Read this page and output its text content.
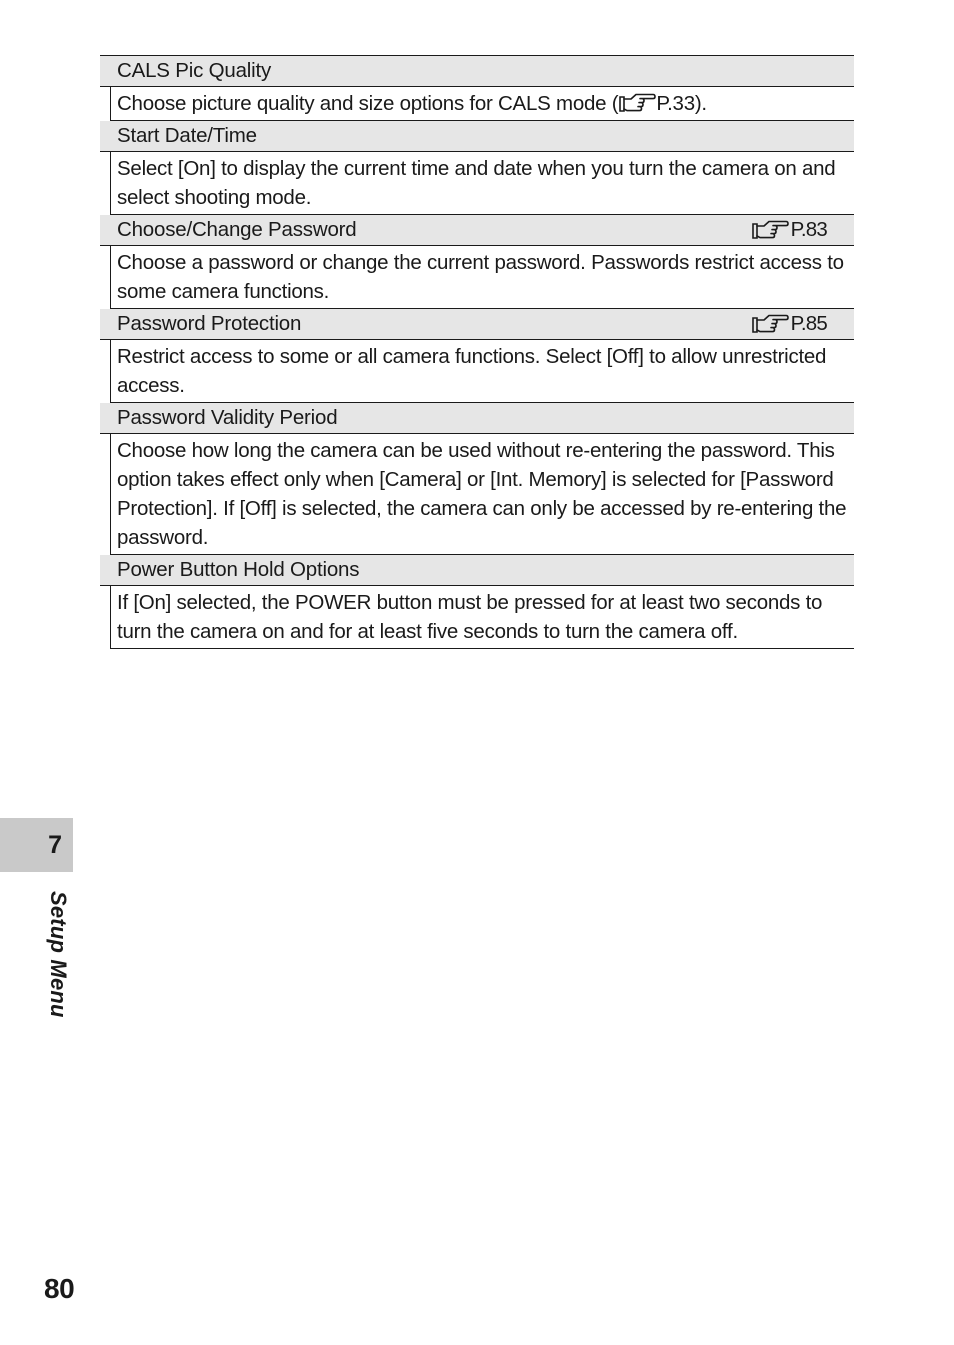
CALS Pic Quality
Choose picture quality and size options for CALS mode ( P.33).
Start Date/Time
Select [On] to display the current time and date when you turn the camera on and select shooting mode.
Choose/Change Password	P.83
Choose a password or change the current password. Passwords restrict access to some camera functions.
Password Protection	P.85
Restrict access to some or all camera functions. Select [Off] to allow unrestricted access.
Password Validity Period
Choose how long the camera can be used without re-entering the password. This option takes effect only when [Camera] or [Int. Memory] is selected for [Password Protection]. If [Off] is selected, the camera can only be accessed by re-entering the password.
Power Button Hold Options
If [On] selected, the POWER button must be pressed for at least two seconds to turn the camera on and for at least five seconds to turn the camera off.
7
Setup Menu
80
